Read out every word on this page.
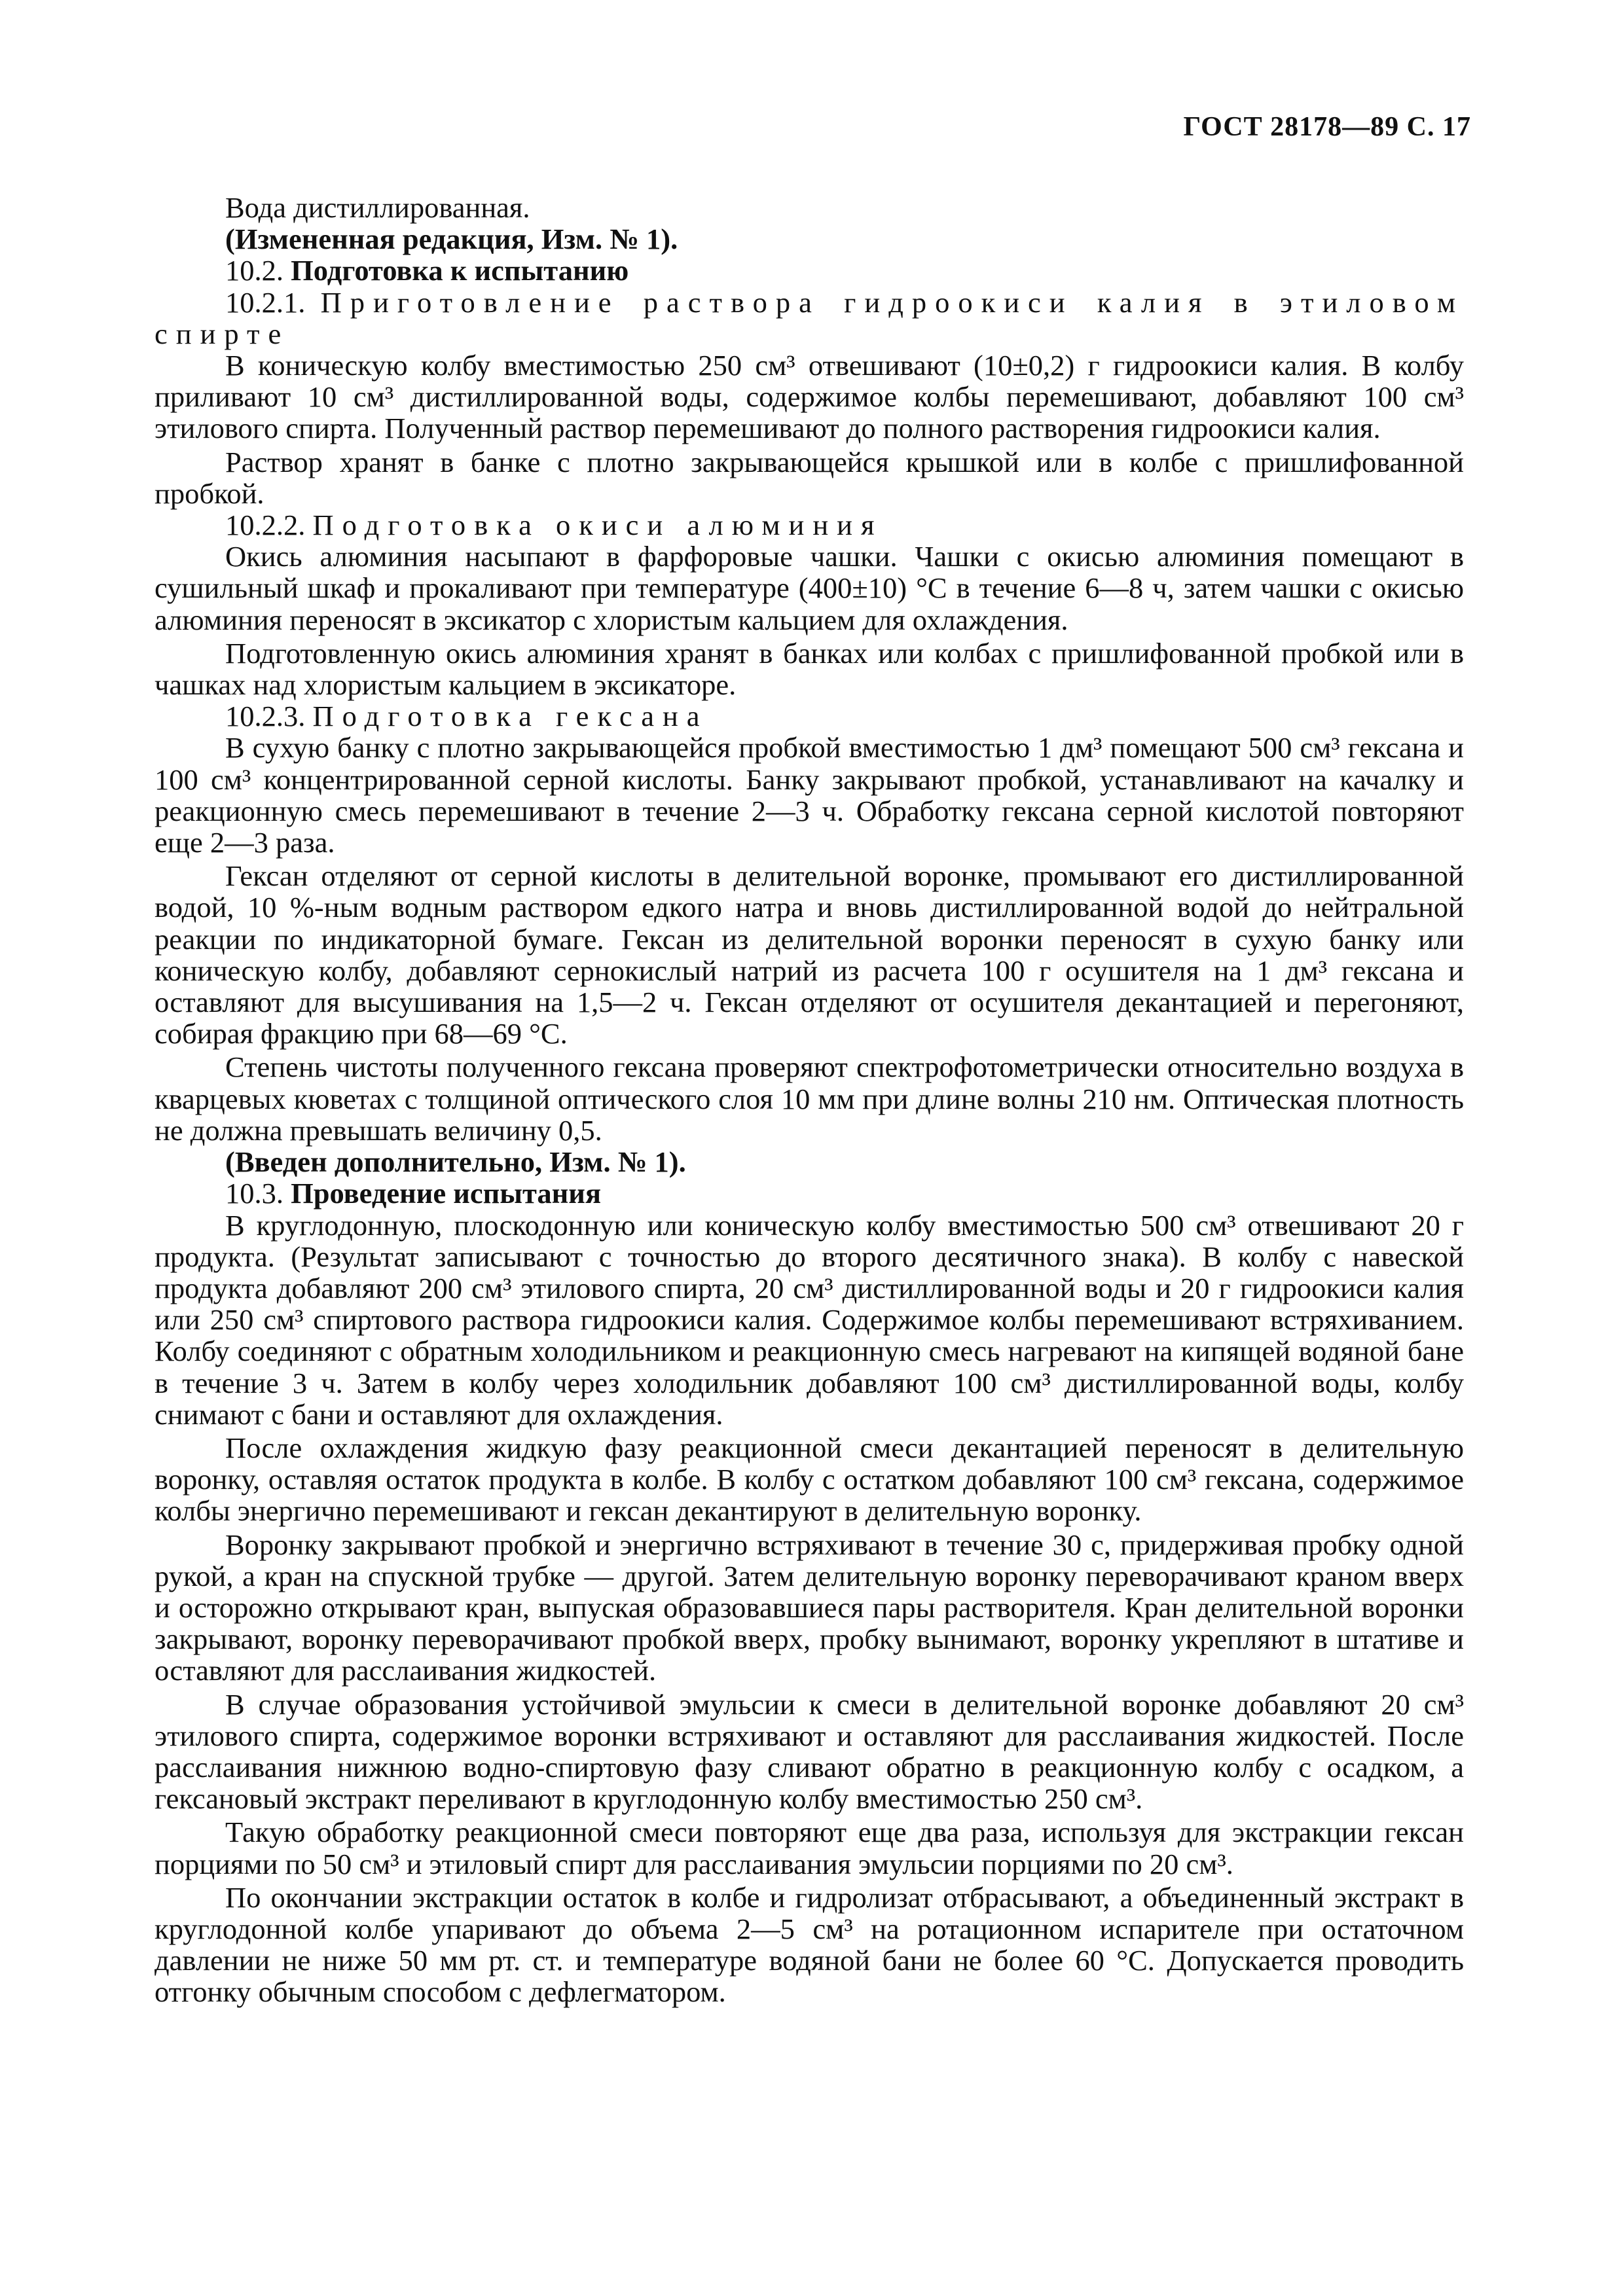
ГОСТ 28178—89 С. 17

Вода дистиллированная.

(Измененная редакция, Изм. № 1).

10.2. Подготовка к испытанию

10.2.1. Приготовление раствора гидроокиси калия в этиловом спирте

В коническую колбу вместимостью 250 см³ отвешивают (10±0,2) г гидроокиси калия. В колбу приливают 10 см³ дистиллированной воды, содержимое колбы перемешивают, добавляют 100 см³ этилового спирта. Полученный раствор перемешивают до полного растворения гидроокиси калия.

Раствор хранят в банке с плотно закрывающейся крышкой или в колбе с пришлифованной пробкой.

10.2.2. Подготовка окиси алюминия

Окись алюминия насыпают в фарфоровые чашки. Чашки с окисью алюминия помещают в сушильный шкаф и прокаливают при температуре (400±10) °С в течение 6—8 ч, затем чашки с окисью алюминия переносят в эксикатор с хлористым кальцием для охлаждения.

Подготовленную окись алюминия хранят в банках или колбах с пришлифованной пробкой или в чашках над хлористым кальцием в эксикаторе.

10.2.3. Подготовка гексана

В сухую банку с плотно закрывающейся пробкой вместимостью 1 дм³ помещают 500 см³ гексана и 100 см³ концентрированной серной кислоты. Банку закрывают пробкой, устанавливают на качалку и реакционную смесь перемешивают в течение 2—3 ч. Обработку гексана серной кислотой повторяют еще 2—3 раза.

Гексан отделяют от серной кислоты в делительной воронке, промывают его дистиллированной водой, 10 %-ным водным раствором едкого натра и вновь дистиллированной водой до нейтральной реакции по индикаторной бумаге. Гексан из делительной воронки переносят в сухую банку или коническую колбу, добавляют сернокислый натрий из расчета 100 г осушителя на 1 дм³ гексана и оставляют для высушивания на 1,5—2 ч. Гексан отделяют от осушителя декантацией и перегоняют, собирая фракцию при 68—69 °С.

Степень чистоты полученного гексана проверяют спектрофотометрически относительно воздуха в кварцевых кюветах с толщиной оптического слоя 10 мм при длине волны 210 нм. Оптическая плотность не должна превышать величину 0,5.

(Введен дополнительно, Изм. № 1).

10.3. Проведение испытания

В круглодонную, плоскодонную или коническую колбу вместимостью 500 см³ отвешивают 20 г продукта. (Результат записывают с точностью до второго десятичного знака). В колбу с навеской продукта добавляют 200 см³ этилового спирта, 20 см³ дистиллированной воды и 20 г гидроокиси калия или 250 см³ спиртового раствора гидроокиси калия. Содержимое колбы перемешивают встряхиванием. Колбу соединяют с обратным холодильником и реакционную смесь нагревают на кипящей водяной бане в течение 3 ч. Затем в колбу через холодильник добавляют 100 см³ дистиллированной воды, колбу снимают с бани и оставляют для охлаждения.

После охлаждения жидкую фазу реакционной смеси декантацией переносят в делительную воронку, оставляя остаток продукта в колбе. В колбу с остатком добавляют 100 см³ гексана, содержимое колбы энергично перемешивают и гексан декантируют в делительную воронку.

Воронку закрывают пробкой и энергично встряхивают в течение 30 с, придерживая пробку одной рукой, а кран на спускной трубке — другой. Затем делительную воронку переворачивают краном вверх и осторожно открывают кран, выпуская образовавшиеся пары растворителя. Кран делительной воронки закрывают, воронку переворачивают пробкой вверх, пробку вынимают, воронку укрепляют в штативе и оставляют для расслаивания жидкостей.

В случае образования устойчивой эмульсии к смеси в делительной воронке добавляют 20 см³ этилового спирта, содержимое воронки встряхивают и оставляют для расслаивания жидкостей. После расслаивания нижнюю водно-спиртовую фазу сливают обратно в реакционную колбу с осадком, а гексановый экстракт переливают в круглодонную колбу вместимостью 250 см³.

Такую обработку реакционной смеси повторяют еще два раза, используя для экстракции гексан порциями по 50 см³ и этиловый спирт для расслаивания эмульсии порциями по 20 см³.

По окончании экстракции остаток в колбе и гидролизат отбрасывают, а объединенный экстракт в круглодонной колбе упаривают до объема 2—5 см³ на ротационном испарителе при остаточном давлении не ниже 50 мм рт. ст. и температуре водяной бани не более 60 °С. Допускается проводить отгонку обычным способом с дефлегматором.
